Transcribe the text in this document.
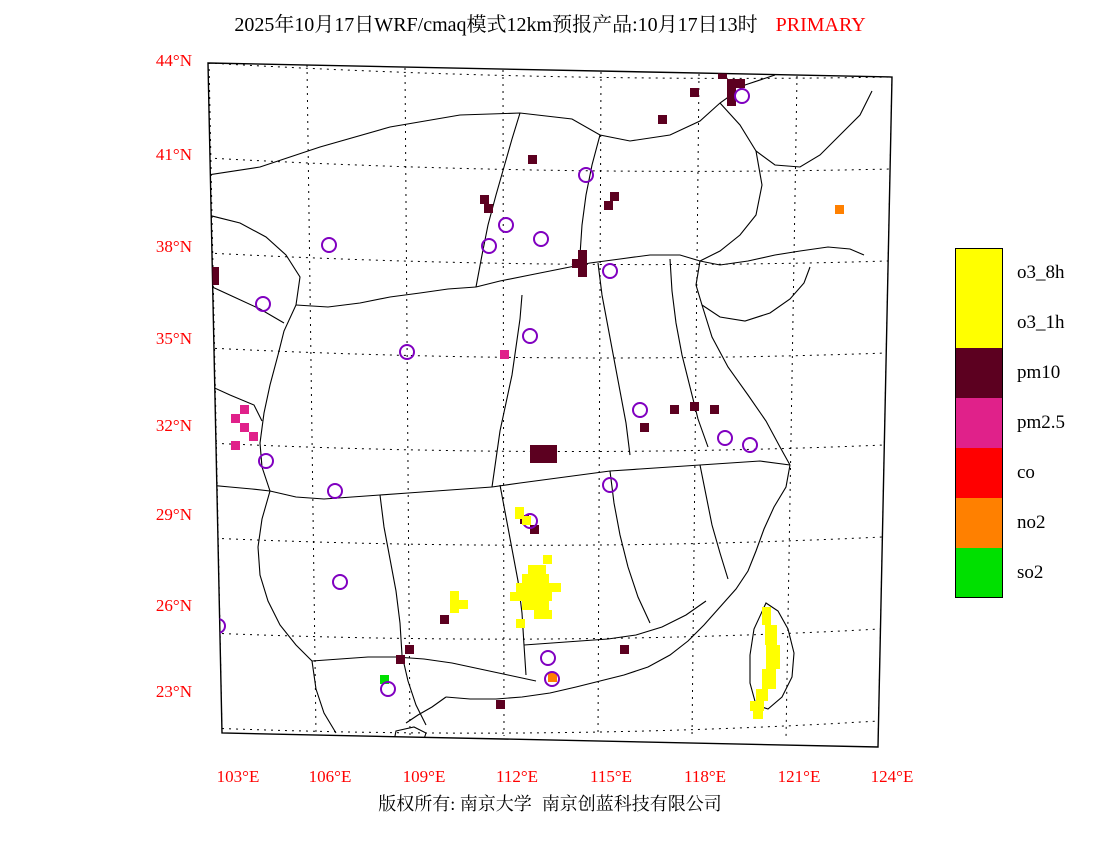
2025年10月17日WRF/cmaq模式12km预报产品:10月17日13时 PRIMARY
44°N
41°N
38°N
35°N
32°N
29°N
26°N
23°N
103°E	106°E	109°E	112°E	115°E	118°E	121°E	124°E
o3_8h
o3_1h
pm10
pm2.5
co
no2
so2
版权所有: 南京大学 南京创蓝科技有限公司
